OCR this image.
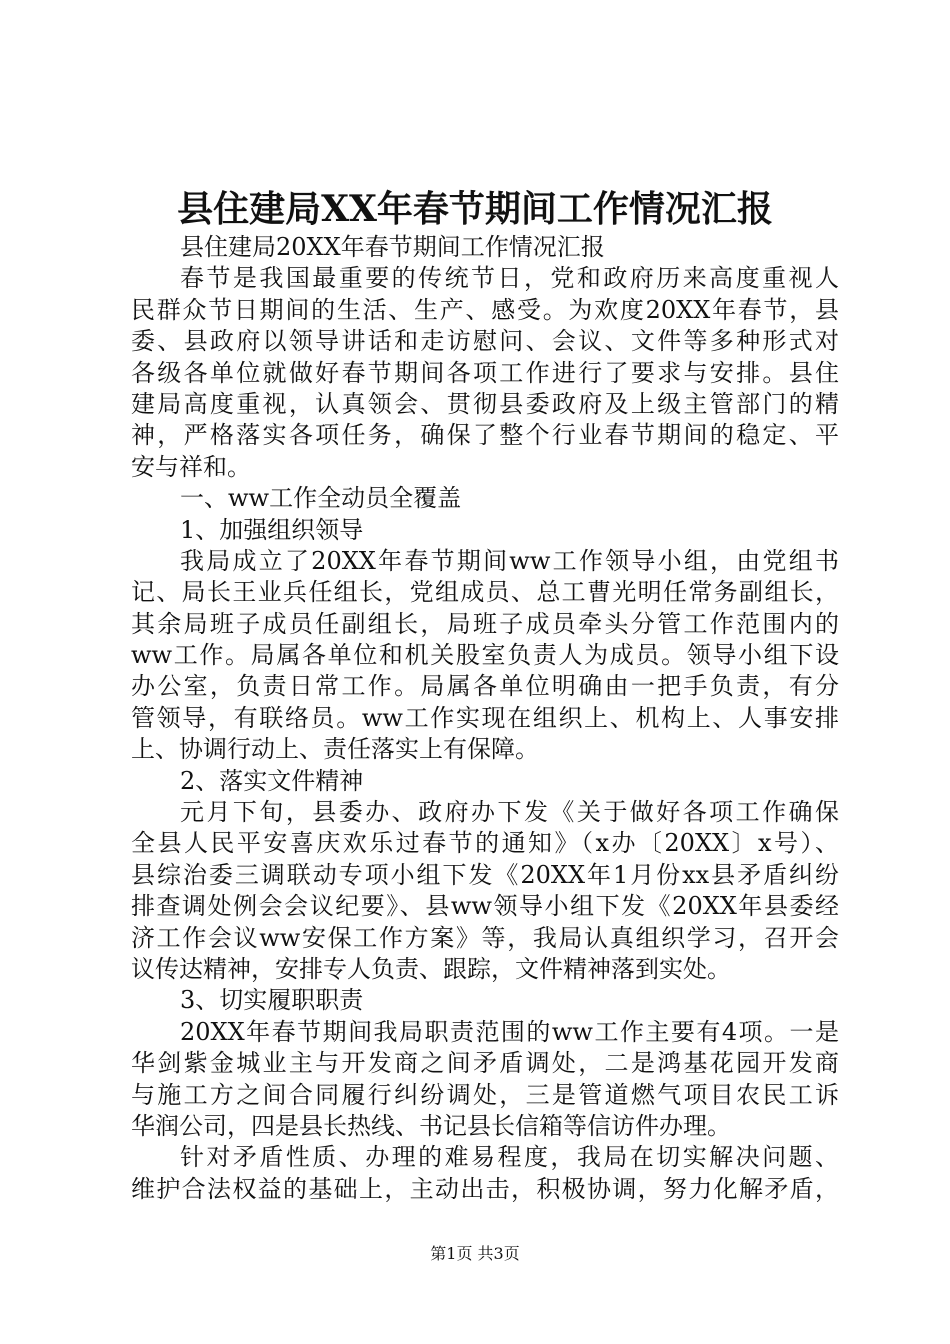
县住建局XX年春节期间工作情况汇报
县住建局20XX年春节期间工作情况汇报
春节是我国最重要的传统节日，党和政府历来高度重视人
民群众节日期间的生活、生产、感受。为欢度20XX年春节，县
委、县政府以领导讲话和走访慰问、会议、文件等多种形式对
各级各单位就做好春节期间各项工作进行了要求与安排。县住
建局高度重视，认真领会、贯彻县委政府及上级主管部门的精
神，严格落实各项任务，确保了整个行业春节期间的稳定、平
安与祥和。
一、ww工作全动员全覆盖
1、加强组织领导
我局成立了20XX年春节期间ww工作领导小组，由党组书
记、局长王业兵任组长，党组成员、总工曹光明任常务副组长，
其余局班子成员任副组长，局班子成员牵头分管工作范围内的
ww工作。局属各单位和机关股室负责人为成员。领导小组下设
办公室，负责日常工作。局属各单位明确由一把手负责，有分
管领导，有联络员。ww工作实现在组织上、机构上、人事安排
上、协调行动上、责任落实上有保障。
2、落实文件精神
元月下旬，县委办、政府办下发《关于做好各项工作确保
全县人民平安喜庆欢乐过春节的通知》（x办〔20XX〕x号）、
县综治委三调联动专项小组下发《20XX年1月份xx县矛盾纠纷
排查调处例会会议纪要》、县ww领导小组下发《20XX年县委经
济工作会议ww安保工作方案》等，我局认真组织学习，召开会
议传达精神，安排专人负责、跟踪，文件精神落到实处。
3、切实履职职责
20XX年春节期间我局职责范围的ww工作主要有4项。一是
华剑紫金城业主与开发商之间矛盾调处，二是鸿基花园开发商
与施工方之间合同履行纠纷调处，三是管道燃气项目农民工诉
华润公司，四是县长热线、书记县长信箱等信访件办理。
针对矛盾性质、办理的难易程度，我局在切实解决问题、
维护合法权益的基础上，主动出击，积极协调，努力化解矛盾，
第1页 共3页
